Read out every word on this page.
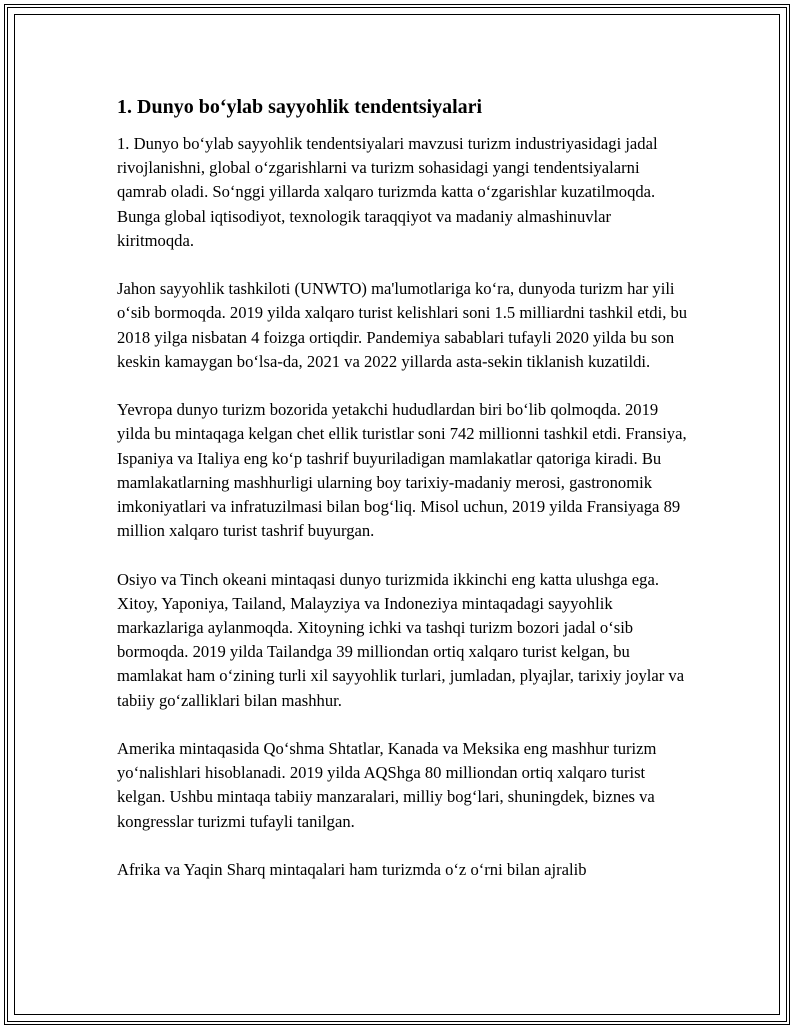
1. Dunyo bo‘ylab sayyohlik tendentsiyalari

1. Dunyo bo‘ylab sayyohlik tendentsiyalari mavzusi turizm industriyasidagi jadal rivojlanishni, global o‘zgarishlarni va turizm sohasidagi yangi tendentsiyalarni qamrab oladi. So‘nggi yillarda xalqaro turizmda katta o‘zgarishlar kuzatilmoqda. Bunga global iqtisodiyot, texnologik taraqqiyot va madaniy almashinuvlar kiritmoqda.

Jahon sayyohlik tashkiloti (UNWTO) ma'lumotlariga ko‘ra, dunyoda turizm har yili o‘sib bormoqda. 2019 yilda xalqaro turist kelishlari soni 1.5 milliardni tashkil etdi, bu 2018 yilga nisbatan 4 foizga ortiqdir. Pandemiya sabablari tufayli 2020 yilda bu son keskin kamaygan bo‘lsa-da, 2021 va 2022 yillarda asta-sekin tiklanish kuzatildi.

Yevropa dunyo turizm bozorida yetakchi hududlardan biri bo‘lib qolmoqda. 2019 yilda bu mintaqaga kelgan chet ellik turistlar soni 742 millionni tashkil etdi. Fransiya, Ispaniya va Italiya eng ko‘p tashrif buyuriladigan mamlakatlar qatoriga kiradi. Bu mamlakatlarning mashhurligi ularning boy tarixiy-madaniy merosi, gastronomik imkoniyatlari va infratuzilmasi bilan bog‘liq. Misol uchun, 2019 yilda Fransiyaga 89 million xalqaro turist tashrif buyurgan.

Osiyo va Tinch okeani mintaqasi dunyo turizmida ikkinchi eng katta ulushga ega. Xitoy, Yaponiya, Tailand, Malayziya va Indoneziya mintaqadagi sayyohlik markazlariga aylanmoqda. Xitoyning ichki va tashqi turizm bozori jadal o‘sib bormoqda. 2019 yilda Tailandga 39 milliondan ortiq xalqaro turist kelgan, bu mamlakat ham o‘zining turli xil sayyohlik turlari, jumladan, plyajlar, tarixiy joylar va tabiiy go‘zalliklari bilan mashhur.

Amerika mintaqasida Qo‘shma Shtatlar, Kanada va Meksika eng mashhur turizm yo‘nalishlari hisoblanadi. 2019 yilda AQShga 80 milliondan ortiq xalqaro turist kelgan. Ushbu mintaqa tabiiy manzaralari, milliy bog‘lari, shuningdek, biznes va kongresslar turizmi tufayli tanilgan.

Afrika va Yaqin Sharq mintaqalari ham turizmda o‘z o‘rni bilan ajralib
